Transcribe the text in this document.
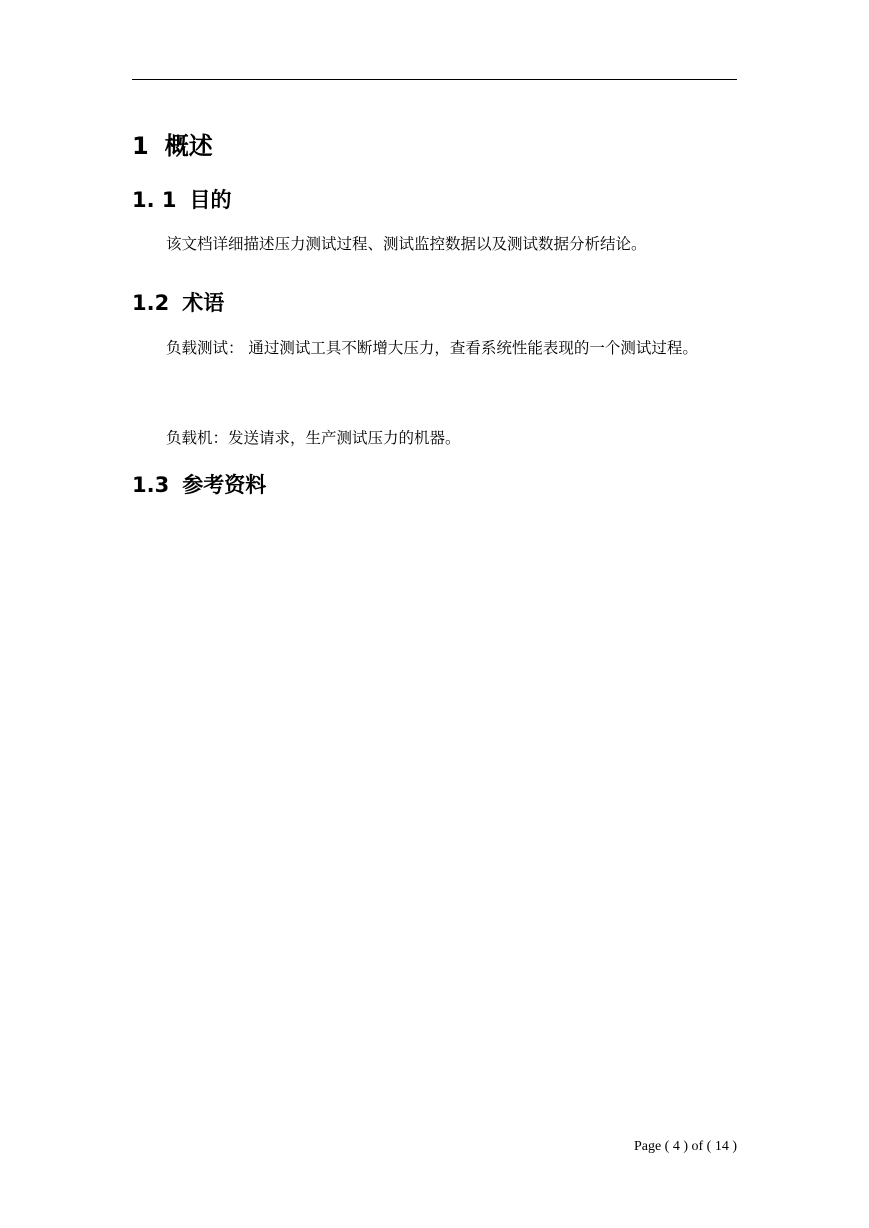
1 概述
1. 1 目的

该文档详细描述压力测试过程、测试监控数据以及测试数据分析结论。

1.2 术语

负载测试： 通过测试工具不断增大压力，查看系统性能表现的一个测试过程。

负载机：发送请求，生产测试压力的机器。

1.3 参考资料
Page ( 4 ) of ( 14 )
